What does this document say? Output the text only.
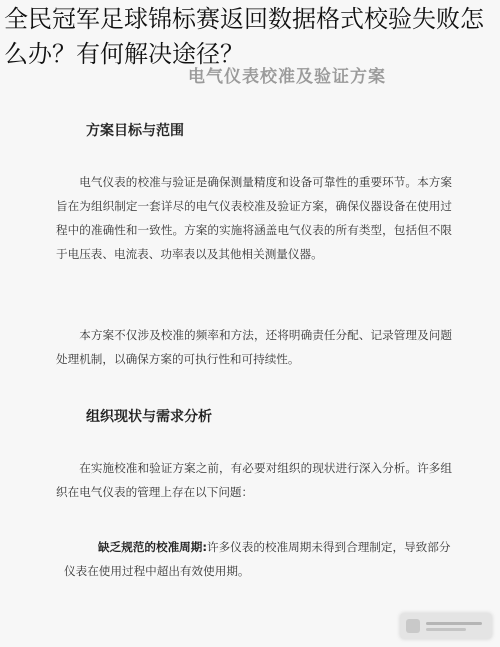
电气仪表校准及验证方案
方案目标与范围

电气仪表的校准与验证是确保测量精度和设备可靠性的重要环节。本方案旨在为组织制定一套详尽的电气仪表校准及验证方案，确保仪器设备在使用过程中的准确性和一致性。方案的实施将涵盖电气仪表的所有类型，包括但不限于电压表、电流表、功率表以及其他相关测量仪器。

本方案不仅涉及校准的频率和方法，还将明确责任分配、记录管理及问题处理机制，以确保方案的可执行性和可持续性。

组织现状与需求分析

在实施校准和验证方案之前，有必要对组织的现状进行深入分析。许多组织在电气仪表的管理上存在以下问题：

缺乏规范的校准周期:许多仪表的校准周期未得到合理制定，导致部分仪表在使用过程中超出有效使用期。

全民冠军足球锦标赛返回数据格式校验失败怎么办？有何解决途径？
